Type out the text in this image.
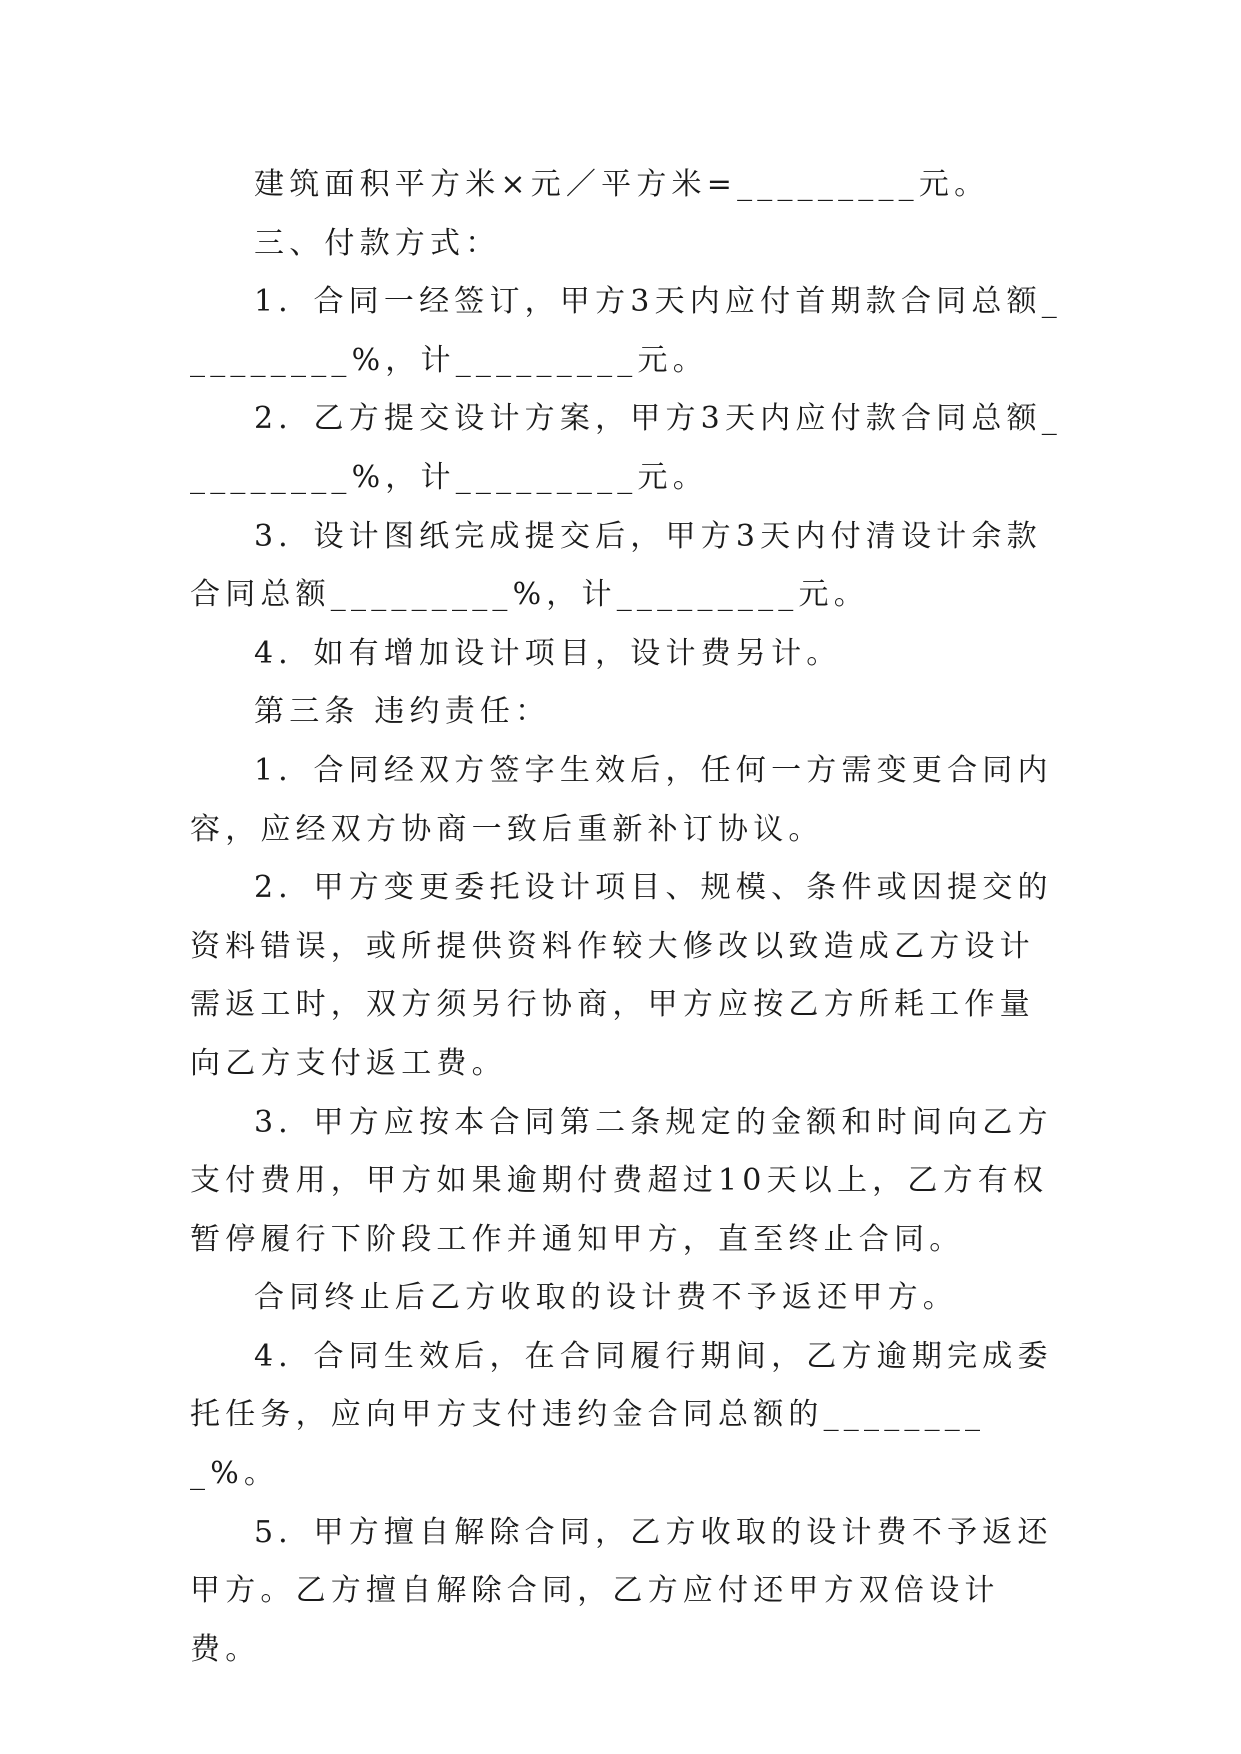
建筑面积平方米×元／平方米=_________元。

三、付款方式：

1．合同一经签订，甲方3天内应付首期款合同总额_________%，计_________元。

2．乙方提交设计方案，甲方3天内应付款合同总额_________%，计_________元。

3．设计图纸完成提交后，甲方3天内付清设计余款合同总额_________%，计_________元。

4．如有增加设计项目，设计费另计。

第三条 违约责任：

1．合同经双方签字生效后，任何一方需变更合同内容，应经双方协商一致后重新补订协议。

2．甲方变更委托设计项目、规模、条件或因提交的资料错误，或所提供资料作较大修改以致造成乙方设计需返工时，双方须另行协商，甲方应按乙方所耗工作量向乙方支付返工费。

3．甲方应按本合同第二条规定的金额和时间向乙方支付费用，甲方如果逾期付费超过10天以上，乙方有权暂停履行下阶段工作并通知甲方，直至终止合同。

合同终止后乙方收取的设计费不予返还甲方。

4．合同生效后，在合同履行期间，乙方逾期完成委托任务，应向甲方支付违约金合同总额的_________%。

5．甲方擅自解除合同，乙方收取的设计费不予返还甲方。乙方擅自解除合同，乙方应付还甲方双倍设计费。
